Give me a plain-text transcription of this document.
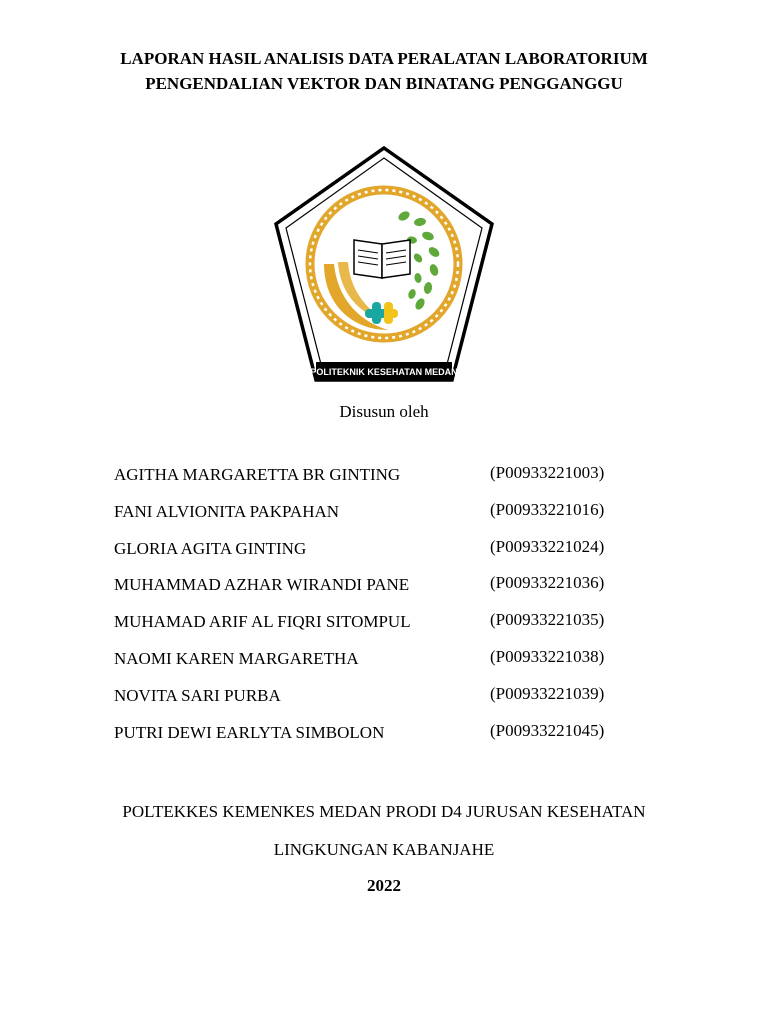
LAPORAN HASIL ANALISIS DATA PERALATAN LABORATORIUM
PENGENDALIAN VEKTOR DAN BINATANG PENGGANGGU
POLITEKNIK KESEHATAN MEDAN
Disusun oleh
AGITHA MARGARETTA BR GINTING	(P00933221003)
FANI ALVIONITA PAKPAHAN	(P00933221016)
GLORIA AGITA GINTING	(P00933221024)
MUHAMMAD AZHAR WIRANDI PANE	(P00933221036)
MUHAMAD ARIF AL FIQRI SITOMPUL	(P00933221035)
NAOMI KAREN MARGARETHA	(P00933221038)
NOVITA SARI PURBA	(P00933221039)
PUTRI DEWI EARLYTA SIMBOLON	(P00933221045)
POLTEKKES KEMENKES MEDAN PRODI D4 JURUSAN KESEHATAN
LINGKUNGAN KABANJAHE
2022
